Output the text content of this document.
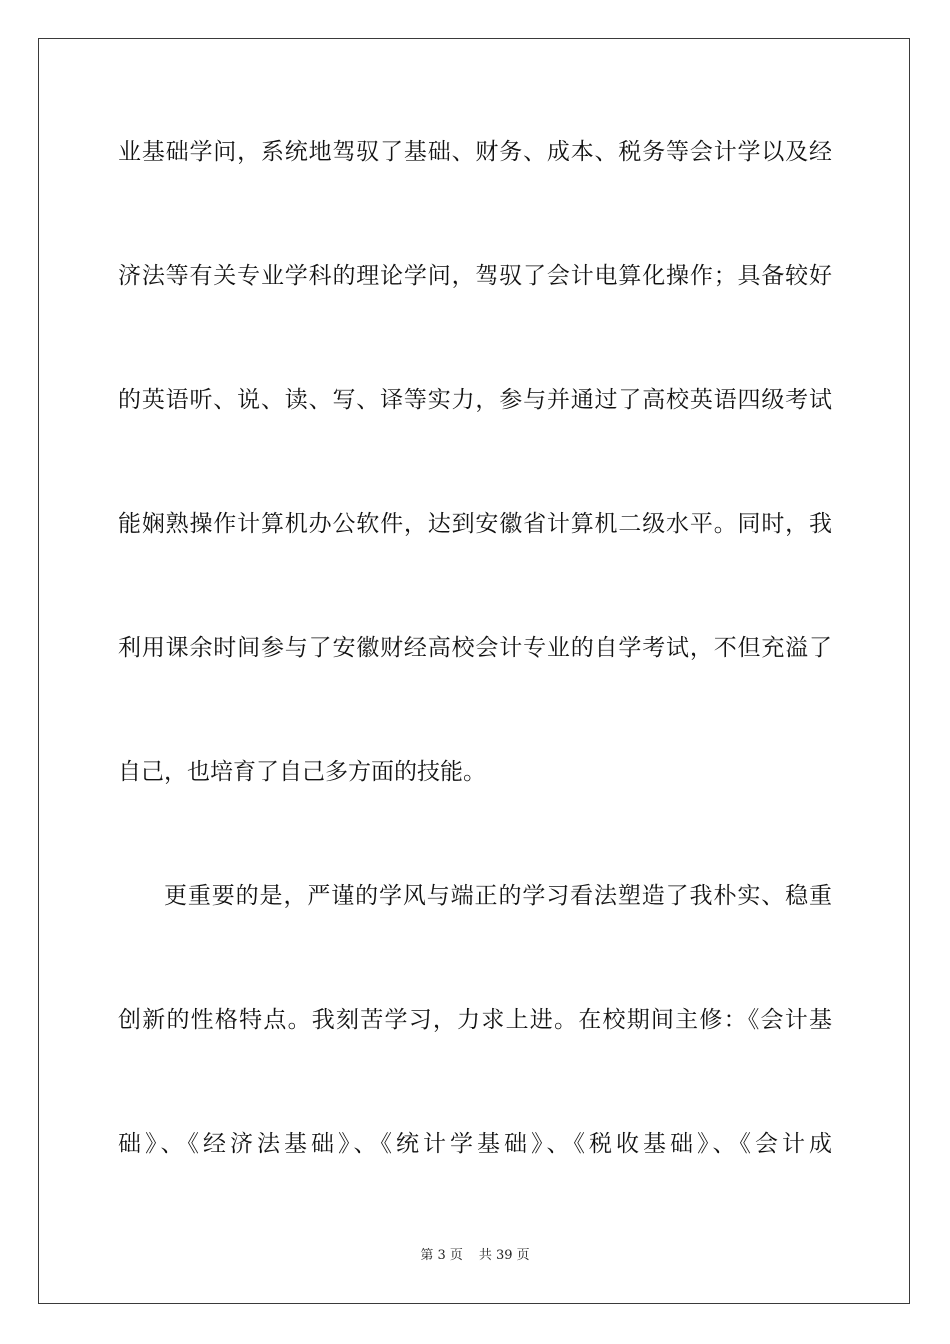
业基础学问，系统地驾驭了基础、财务、成本、税务等会计学以及经
济法等有关专业学科的理论学问，驾驭了会计电算化操作；具备较好
的英语听、说、读、写、译等实力，参与并通过了高校英语四级考试
能娴熟操作计算机办公软件，达到安徽省计算机二级水平。同时，我
利用课余时间参与了安徽财经高校会计专业的自学考试，不但充溢了
自己，也培育了自己多方面的技能。
更重要的是，严谨的学风与端正的学习看法塑造了我朴实、稳重
创新的性格特点。我刻苦学习，力求上进。在校期间主修：《会计基
础》、《经济法基础》、《统计学基础》、《税收基础》、《会计成
第 3 页 共 39 页
